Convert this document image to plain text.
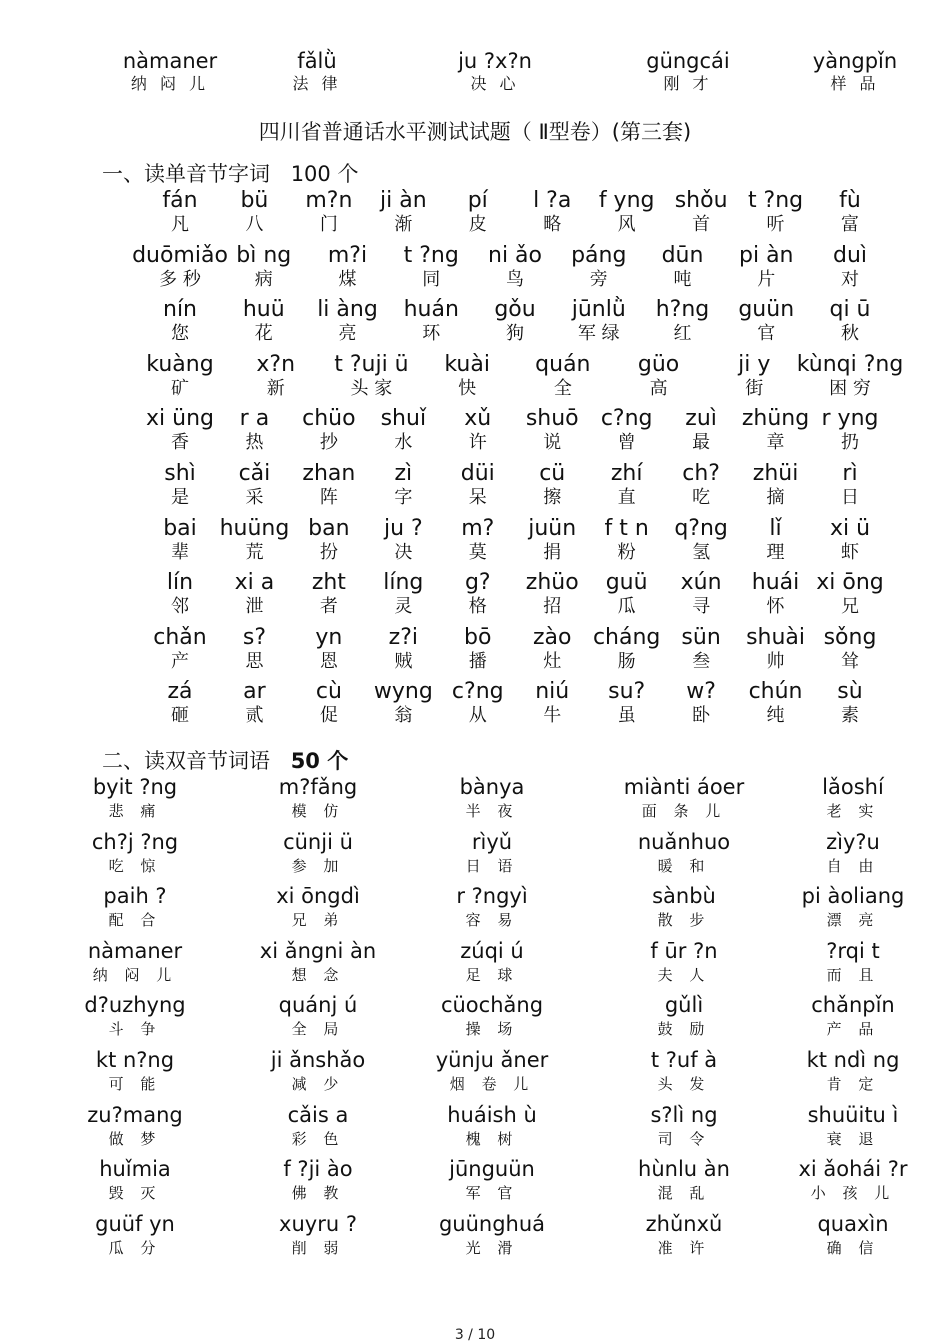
nàmaner
纳 闷 儿
fǎlǜ
法 律
ju ?x?n
决 心
güngcái
刚 才
yàngpǐn
样 品
四川省普通话水平测试试题（ Ⅱ型卷）(第三套)
一、读单音节字词 100 个
fán
凡
bü
八
m?n
门
ji àn
渐
pí
皮
l ?a
略
f yng
风
shǒu
首
t ?ng
听
fù
富
duōmiǎo
多 秒
bì ng
病
m?i
煤
t ?ng
同
ni ǎo
鸟
páng
旁
dūn
吨
pi àn
片
duì
对
nín
您
huü
花
li àng
亮
huán
环
gǒu
狗
jūnlǜ
军 绿
h?ng
红
guün
官
qi ū
秋
kuàng
矿
x?n
新
t ?uji ü
头 家
kuài
快
quán
全
güo
高
ji y
街
kùnqi ?ng
困 穷
xi üng
香
r a
热
chüo
抄
shuǐ
水
xǔ
许
shuō
说
c?ng
曾
zuì
最
zhüng
章
r yng
扔
shì
是
cǎi
采
zhan
阵
zì
字
düi
呆
cü
擦
zhí
直
ch?
吃
zhüi
摘
rì
日
bai
辈
huüng
荒
ban
扮
ju ?
决
m?
莫
juün
捐
f t n
粉
q?ng
氢
lǐ
理
xi ü
虾
lín
邻
xi a
泄
zht
者
líng
灵
g?
格
zhüo
招
guü
瓜
xún
寻
huái
怀
xi ōng
兄
chǎn
产
s?
思
yn
恩
z?i
贼
bō
播
zào
灶
cháng
肠
sün
叁
shuài
帅
sǒng
耸
zá
砸
ar
贰
cù
促
wyng
翁
c?ng
从
niú
牛
su?
虽
w?
卧
chún
纯
sù
素
二、读双音节词语 50 个
byit ?ng
悲 痛
m?fǎng
模 仿
bànya
半 夜
miànti áoer
面 条 儿
lǎoshí
老 实
ch?j ?ng
吃 惊
cünji ü
参 加
rìyǔ
日 语
nuǎnhuo
暖 和
zìy?u
自 由
paih ?
配 合
xi ōngdì
兄 弟
r ?ngyì
容 易
sànbù
散 步
pi àoliang
漂 亮
nàmaner
纳 闷 儿
xi ǎngni àn
想 念
zúqi ú
足 球
f ūr ?n
夫 人
?rqi t
而 且
d?uzhyng
斗 争
quánj ú
全 局
cüochǎng
操 场
gǔlì
鼓 励
chǎnpǐn
产 品
kt n?ng
可 能
ji ǎnshǎo
减 少
yünju ǎner
烟 卷 儿
t ?uf à
头 发
kt ndì ng
肯 定
zu?mang
做 梦
cǎis a
彩 色
huáish ù
槐 树
s?lì ng
司 令
shuüitu ì
衰 退
huǐmia
毁 灭
f ?ji ào
佛 教
jūnguün
军 官
hùnlu àn
混 乱
xi ǎohái ?r
小 孩 儿
guüf yn
瓜 分
xuyru ?
削 弱
guünghuá
光 滑
zhǔnxǔ
准 许
quaxìn
确 信
3 / 10
